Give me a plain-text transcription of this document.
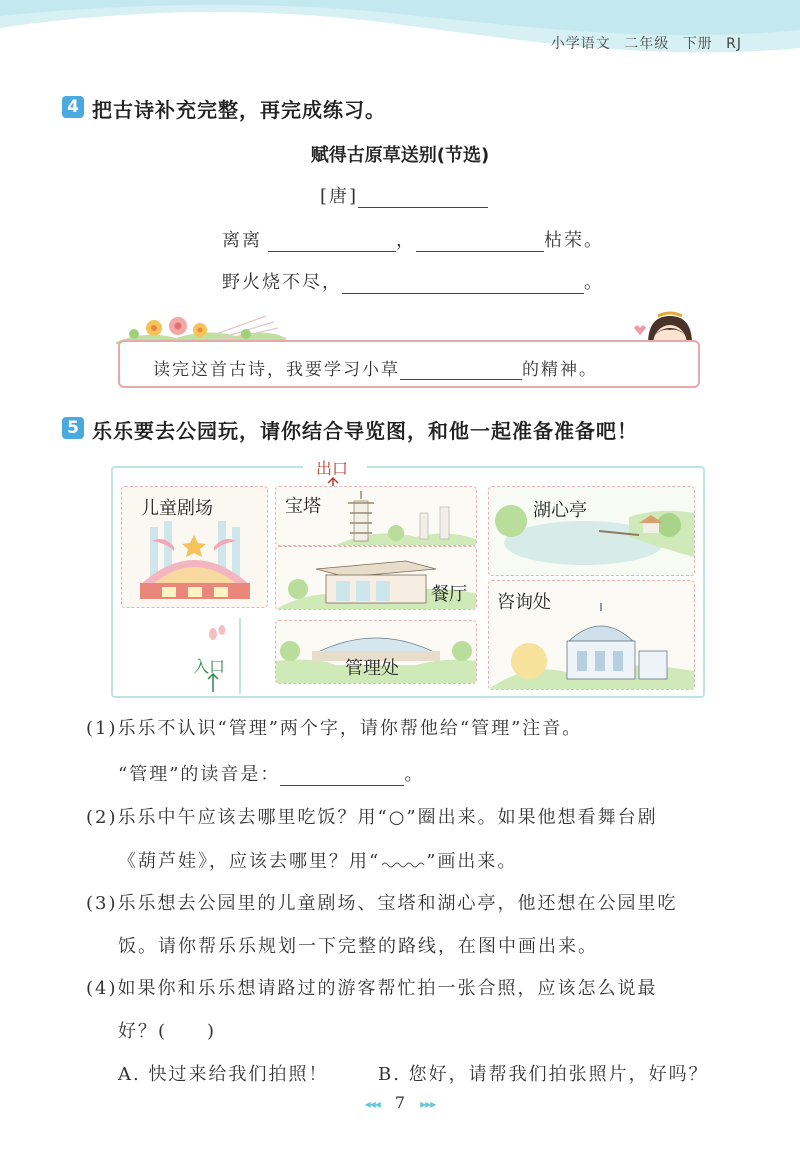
小学语文 二年级 下册 RJ
4 把古诗补充完整，再完成练习。
赋得古原草送别(节选)
[唐]
离离	，	枯荣。
野火烧不尽，	。
读完这首古诗，我要学习小草	的精神。
5 乐乐要去公园玩，请你结合导览图，和他一起准备准备吧！
出口
儿童剧场	宝塔
餐厅
湖心亭
咨询处
管理处
入口
(1)乐乐不认识“管理”两个字，请你帮他给“管理”注音。
“管理”的读音是：	。
(2)乐乐中午应该去哪里吃饭？用“○”圈出来。如果他想看舞台剧
《葫芦娃》，应该去哪里？用“	”画出来。
(3)乐乐想去公园里的儿童剧场、宝塔和湖心亭，他还想在公园里吃
饭。请你帮乐乐规划一下完整的路线，在图中画出来。
(4)如果你和乐乐想请路过的游客帮忙拍一张合照，应该怎么说最
好？(　　)
A. 快过来给我们拍照！	B. 您好，请帮我们拍张照片，好吗？
◂◂◂ 7 ▸▸▸
